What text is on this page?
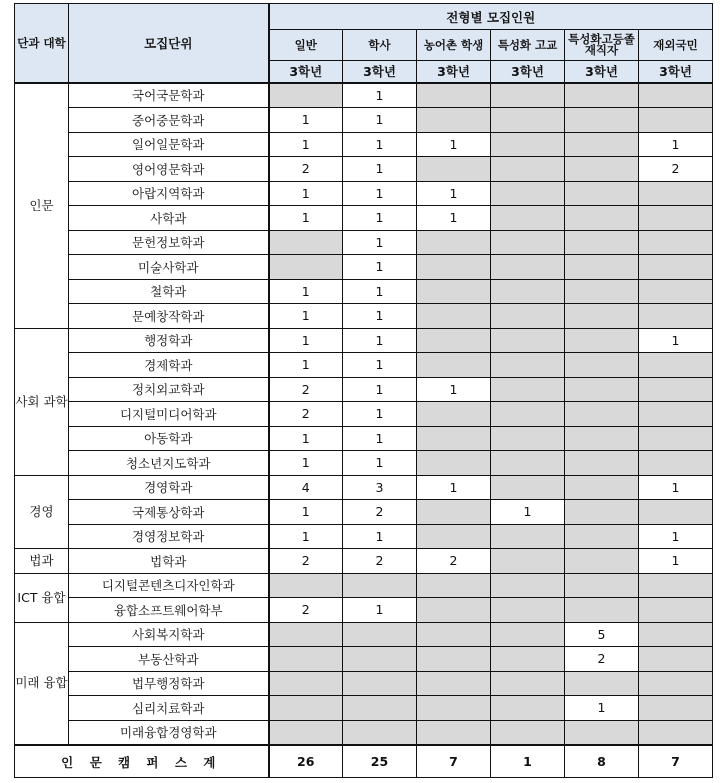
단과 대학	모집단위	전형별 모집인원					
		일반	학사	농어촌 학생	특성화 고교	특성화고등졸 재직자	재외국민
		3학년	3학년	3학년	3학년	3학년	3학년
인문	국어국문학과		1				
	중어중문학과	1	1				
	일어일문학과	1	1	1			1
	영어영문학과	2	1				2
	아랍지역학과	1	1	1			
	사학과	1	1	1			
	문헌정보학과		1				
	미술사학과		1				
	철학과	1	1				
	문예창작학과	1	1				
사회 과학	행정학과	1	1				1
	경제학과	1	1				
	정치외교학과	2	1	1			
	디지털미디어학과	2	1				
	아동학과	1	1				
	청소년지도학과	1	1				
경영	경영학과	4	3	1			1
	국제통상학과	1	2		1		
	경영정보학과	1	1				1
법과	법학과	2	2	2			1
ICT 융합	디지털콘텐츠디자인학과						
	융합소프트웨어학부	2	1				
미래 융합	사회복지학과					5	
	부동산학과					2	
	법무행정학과						
	심리치료학과					1	
	미래융합경영학과						
인 문 캠 퍼 스 계		26	25	7	1	8	7
